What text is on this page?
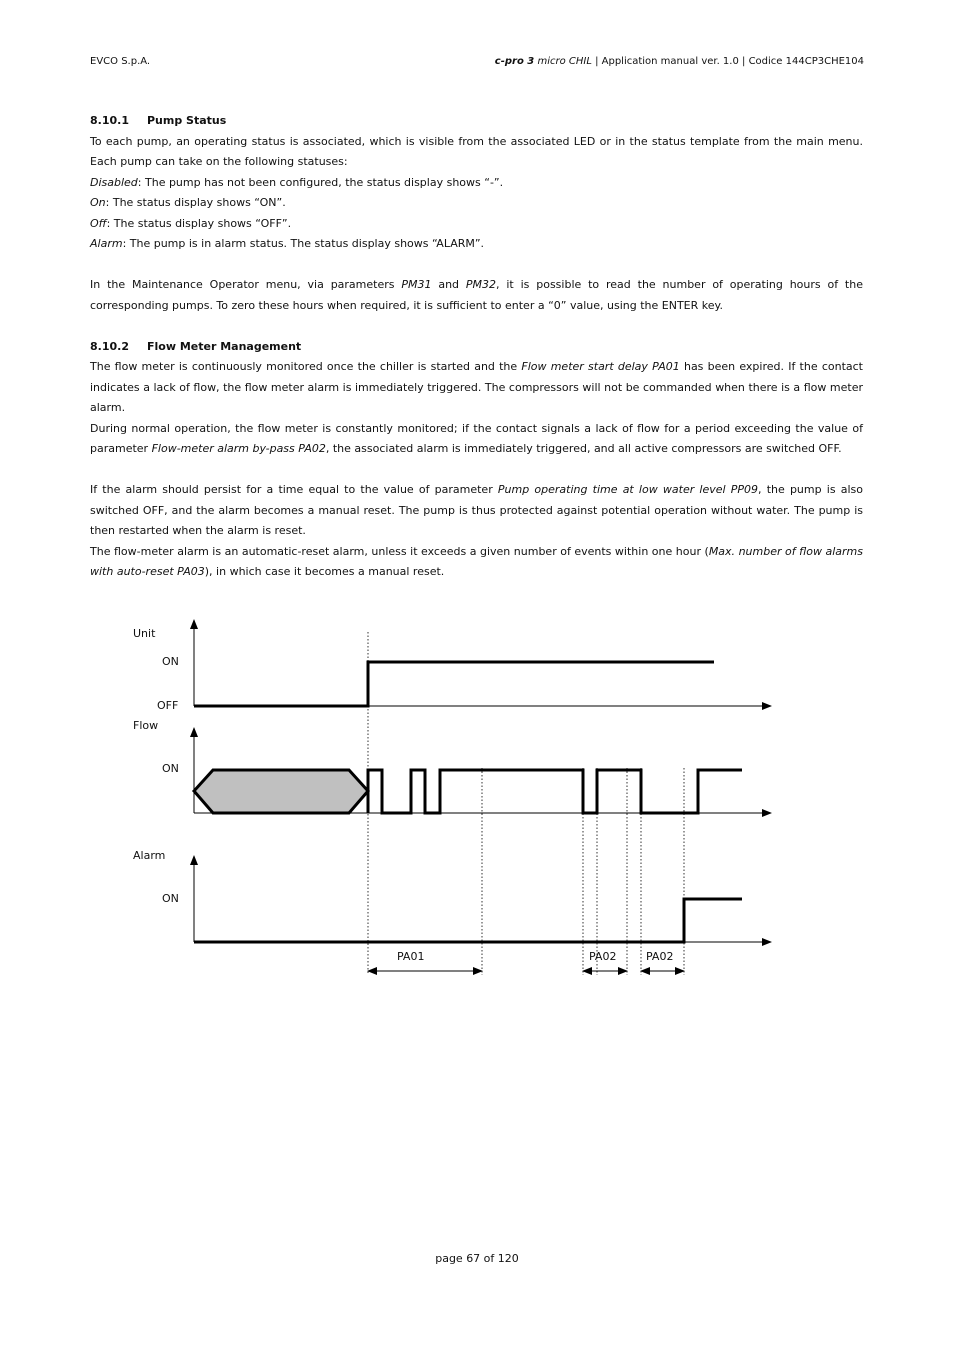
EVCO S.p.A.	c-pro 3 micro CHIL | Application manual ver. 1.0 | Codice 144CP3CHE104
8.10.1 Pump Status

To each pump, an operating status is associated, which is visible from the associated LED or in the status template from the main menu. Each pump can take on the following statuses:

Disabled: The pump has not been configured, the status display shows “-”.

On: The status display shows “ON”.

Off: The status display shows “OFF”.

Alarm: The pump is in alarm status. The status display shows “ALARM”.

In the Maintenance Operator menu, via parameters PM31 and PM32, it is possible to read the number of operating hours of the corresponding pumps. To zero these hours when required, it is sufficient to enter a “0” value, using the ENTER key.

8.10.2 Flow Meter Management

The flow meter is continuously monitored once the chiller is started and the Flow meter start delay PA01 has been expired. If the contact indicates a lack of flow, the flow meter alarm is immediately triggered. The compressors will not be commanded when there is a flow meter alarm.

During normal operation, the flow meter is constantly monitored; if the contact signals a lack of flow for a period exceeding the value of parameter Flow-meter alarm by-pass PA02, the associated alarm is immediately triggered, and all active compressors are switched OFF.

If the alarm should persist for a time equal to the value of parameter Pump operating time at low water level PP09, the pump is also switched OFF, and the alarm becomes a manual reset. The pump is thus protected against potential operation without water. The pump is then restarted when the alarm is reset.

The flow-meter alarm is an automatic-reset alarm, unless it exceeds a given number of events within one hour (Max. number of flow alarms with auto-reset PA03), in which case it becomes a manual reset.

Unit
ON
OFF
Flow
ON
Alarm
ON
PA01	PA02	PA02
page 67 of 120
